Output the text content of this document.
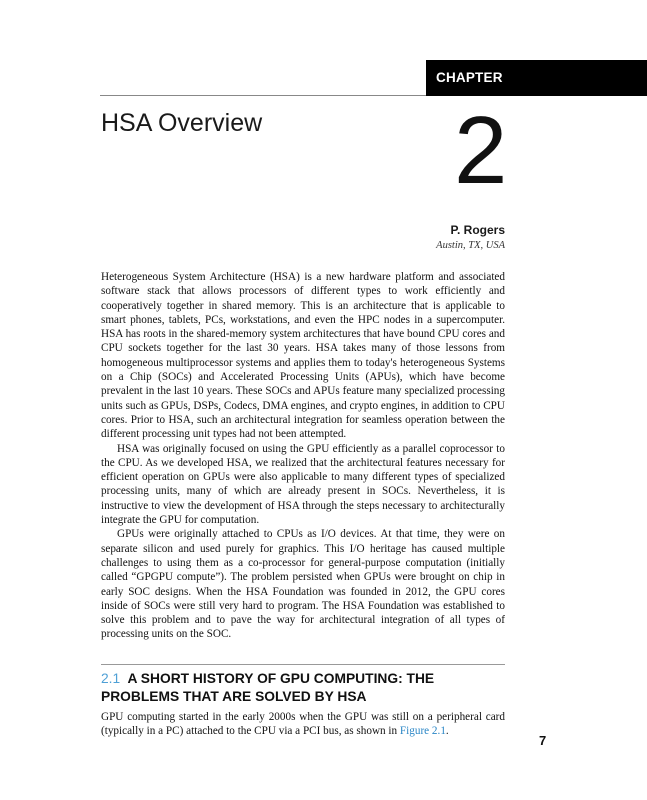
CHAPTER
HSA Overview 2
P. Rogers
Austin, TX, USA

Heterogeneous System Architecture (HSA) is a new hardware platform and associated software stack that allows processors of different types to work efficiently and cooperatively together in shared memory. This is an architecture that is applicable to smart phones, tablets, PCs, workstations, and even the HPC nodes in a supercomputer. HSA has roots in the shared-memory system architectures that have bound CPU cores and CPU sockets together for the last 30 years. HSA takes many of those lessons from homogeneous multiprocessor systems and applies them to today's heterogeneous Systems on a Chip (SOCs) and Accelerated Processing Units (APUs), which have become prevalent in the last 10 years. These SOCs and APUs feature many specialized processing units such as GPUs, DSPs, Codecs, DMA engines, and crypto engines, in addition to CPU cores. Prior to HSA, such an architectural integration for seamless operation between the different processing unit types had not been attempted.

HSA was originally focused on using the GPU efficiently as a parallel coprocessor to the CPU. As we developed HSA, we realized that the architectural features necessary for efficient operation on GPUs were also applicable to many different types of specialized processing units, many of which are already present in SOCs. Nevertheless, it is instructive to view the development of HSA through the steps necessary to architecturally integrate the GPU for computation.

GPUs were originally attached to CPUs as I/O devices. At that time, they were on separate silicon and used purely for graphics. This I/O heritage has caused multiple challenges to using them as a co-processor for general-purpose computation (initially called “GPGPU compute”). The problem persisted when GPUs were brought on chip in early SOC designs. When the HSA Foundation was founded in 2012, the GPU cores inside of SOCs were still very hard to program. The HSA Foundation was established to solve this problem and to pave the way for architectural integration of all types of processing units on the SOC.

2.1 A SHORT HISTORY OF GPU COMPUTING: THE PROBLEMS THAT ARE SOLVED BY HSA

GPU computing started in the early 2000s when the GPU was still on a peripheral card (typically in a PC) attached to the CPU via a PCI bus, as shown in Figure 2.1.

7
